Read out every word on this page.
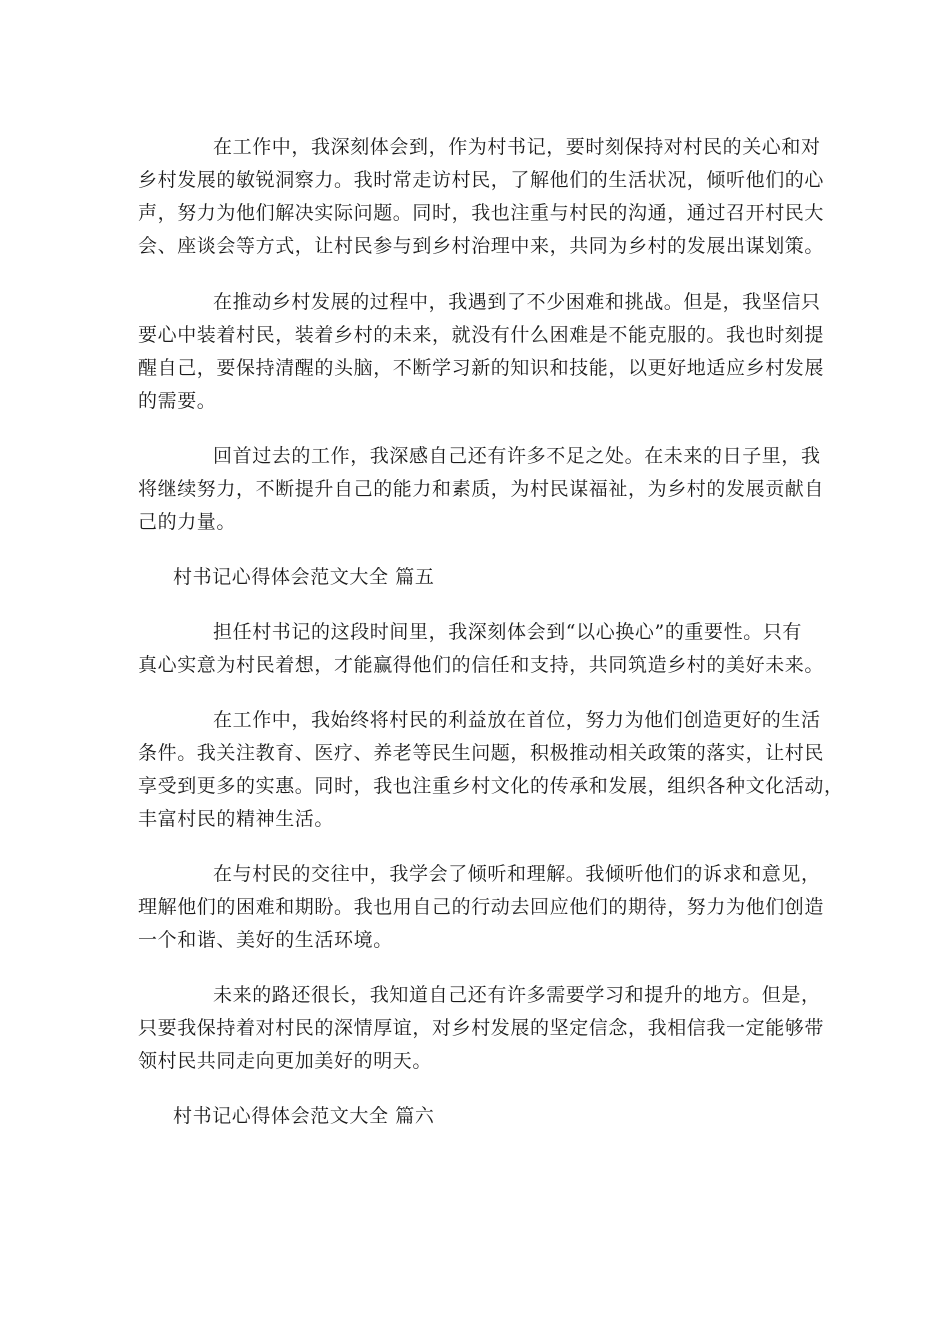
在工作中，我深刻体会到，作为村书记，要时刻保持对村民的关心和对
乡村发展的敏锐洞察力。我时常走访村民，了解他们的生活状况，倾听他们的心
声，努力为他们解决实际问题。同时，我也注重与村民的沟通，通过召开村民大
会、座谈会等方式，让村民参与到乡村治理中来，共同为乡村的发展出谋划策。
在推动乡村发展的过程中，我遇到了不少困难和挑战。但是，我坚信只
要心中装着村民，装着乡村的未来，就没有什么困难是不能克服的。我也时刻提
醒自己，要保持清醒的头脑，不断学习新的知识和技能，以更好地适应乡村发展
的需要。
回首过去的工作，我深感自己还有许多不足之处。在未来的日子里，我
将继续努力，不断提升自己的能力和素质，为村民谋福祉，为乡村的发展贡献自
己的力量。
村书记心得体会范文大全 篇五
担任村书记的这段时间里，我深刻体会到“以心换心”的重要性。只有
真心实意为村民着想，才能赢得他们的信任和支持，共同筑造乡村的美好未来。
在工作中，我始终将村民的利益放在首位，努力为他们创造更好的生活
条件。我关注教育、医疗、养老等民生问题，积极推动相关政策的落实，让村民
享受到更多的实惠。同时，我也注重乡村文化的传承和发展，组织各种文化活动，
丰富村民的精神生活。
在与村民的交往中，我学会了倾听和理解。我倾听他们的诉求和意见，
理解他们的困难和期盼。我也用自己的行动去回应他们的期待，努力为他们创造
一个和谐、美好的生活环境。
未来的路还很长，我知道自己还有许多需要学习和提升的地方。但是，
只要我保持着对村民的深情厚谊，对乡村发展的坚定信念，我相信我一定能够带
领村民共同走向更加美好的明天。
村书记心得体会范文大全 篇六
